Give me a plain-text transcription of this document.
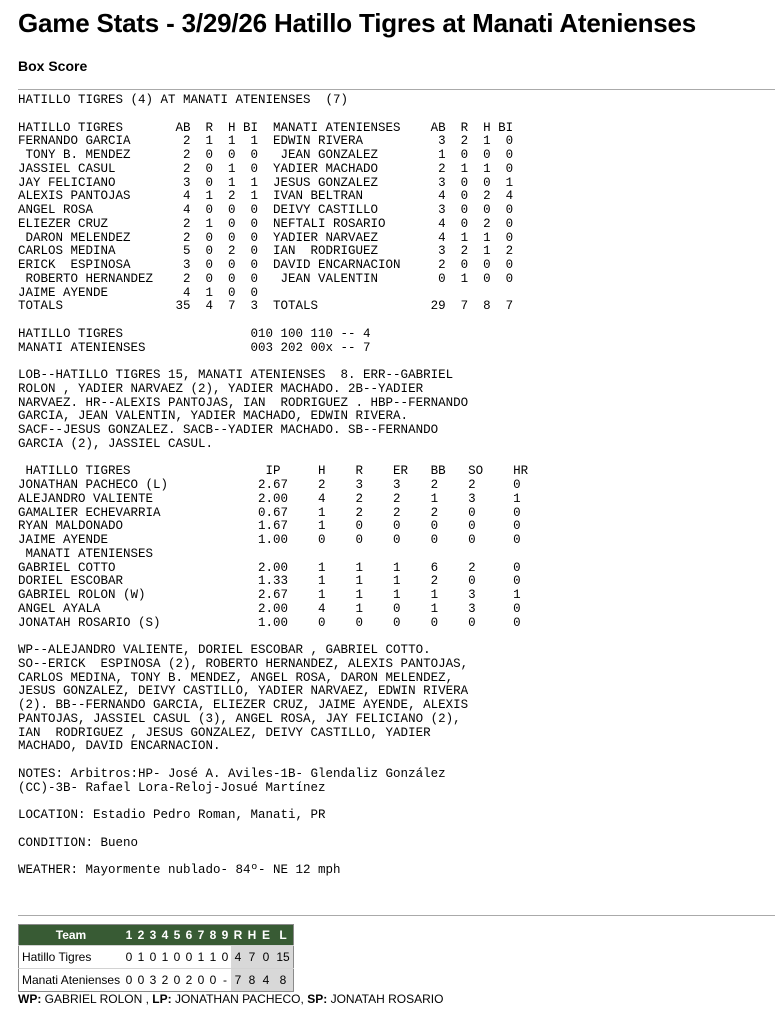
Game Stats - 3/29/26 Hatillo Tigres at Manati Atenienses
Box Score
HATILLO TIGRES (4) AT MANATI ATENIENSES  (7)
HATILLO TIGRES       AB  R  H BI  MANATI ATENIENSES    AB  R  H BI
FERNANDO GARCIA       2  1  1  1  EDWIN RIVERA          3  2  1  0
TONY B. MENDEZ       2  0  0  0   JEAN GONZALEZ        1  0  0  0
JASSIEL CASUL         2  0  1  0  YADIER MACHADO        2  1  1  0
JAY FELICIANO         3  0  1  1  JESUS GONZALEZ        3  0  0  1
ALEXIS PANTOJAS       4  1  2  1  IVAN BELTRAN          4  0  2  4
ANGEL ROSA            4  0  0  0  DEIVY CASTILLO        3  0  0  0
ELIEZER CRUZ          2  1  0  0  NEFTALI ROSARIO       4  0  2  0
DARON MELENDEZ       2  0  0  0  YADIER NARVAEZ        4  1  1  0
CARLOS MEDINA         5  0  2  0  IAN  RODRIGUEZ        3  2  1  2
ERICK  ESPINOSA       3  0  0  0  DAVID ENCARNACION     2  0  0  0
ROBERTO HERNANDEZ    2  0  0  0   JEAN VALENTIN        0  1  0  0
JAIME AYENDE          4  1  0  0
TOTALS               35  4  7  3  TOTALS               29  7  8  7
HATILLO TIGRES                 010 100 110 -- 4
MANATI ATENIENSES              003 202 00x -- 7
LOB--HATILLO TIGRES 15, MANATI ATENIENSES  8. ERR--GABRIEL
ROLON , YADIER NARVAEZ (2), YADIER MACHADO. 2B--YADIER
NARVAEZ. HR--ALEXIS PANTOJAS, IAN  RODRIGUEZ . HBP--FERNANDO
GARCIA, JEAN VALENTIN, YADIER MACHADO, EDWIN RIVERA.
SACF--JESUS GONZALEZ. SACB--YADIER MACHADO. SB--FERNANDO
GARCIA (2), JASSIEL CASUL.
HATILLO TIGRES                  IP     H    R    ER   BB   SO    HR
JONATHAN PACHECO (L)            2.67    2    3    3    2    2     0
ALEJANDRO VALIENTE              2.00    4    2    2    1    3     1
GAMALIER ECHEVARRIA             0.67    1    2    2    2    0     0
RYAN MALDONADO                  1.67    1    0    0    0    0     0
JAIME AYENDE                    1.00    0    0    0    0    0     0
MANATI ATENIENSES
GABRIEL COTTO                   2.00    1    1    1    6    2     0
DORIEL ESCOBAR                  1.33    1    1    1    2    0     0
GABRIEL ROLON (W)               2.67    1    1    1    1    3     1
ANGEL AYALA                     2.00    4    1    0    1    3     0
JONATAH ROSARIO (S)             1.00    0    0    0    0    0     0
WP--ALEJANDRO VALIENTE, DORIEL ESCOBAR , GABRIEL COTTO.
SO--ERICK  ESPINOSA (2), ROBERTO HERNANDEZ, ALEXIS PANTOJAS,
CARLOS MEDINA, TONY B. MENDEZ, ANGEL ROSA, DARON MELENDEZ,
JESUS GONZALEZ, DEIVY CASTILLO, YADIER NARVAEZ, EDWIN RIVERA
(2). BB--FERNANDO GARCIA, ELIEZER CRUZ, JAIME AYENDE, ALEXIS
PANTOJAS, JASSIEL CASUL (3), ANGEL ROSA, JAY FELICIANO (2),
IAN  RODRIGUEZ , JESUS GONZALEZ, DEIVY CASTILLO, YADIER
MACHADO, DAVID ENCARNACION.
NOTES: Arbitros:HP- José A. Aviles-1B- Glendaliz González
(CC)-3B- Rafael Lora-Reloj-Josué Martínez
LOCATION: Estadio Pedro Roman, Manati, PR
CONDITION: Bueno
WEATHER: Mayormente nublado- 84º- NE 12 mph
Team	1	2	3	4	5	6	7	8	9	R	H	E	L
Hatillo Tigres	0	1	0	1	0	0	1	1	0	4	7	0	15
Manati Atenienses	0	0	3	2	0	2	0	0	-	7	8	4	8
WP: GABRIEL ROLON , LP: JONATHAN PACHECO, SP: JONATAH ROSARIO
